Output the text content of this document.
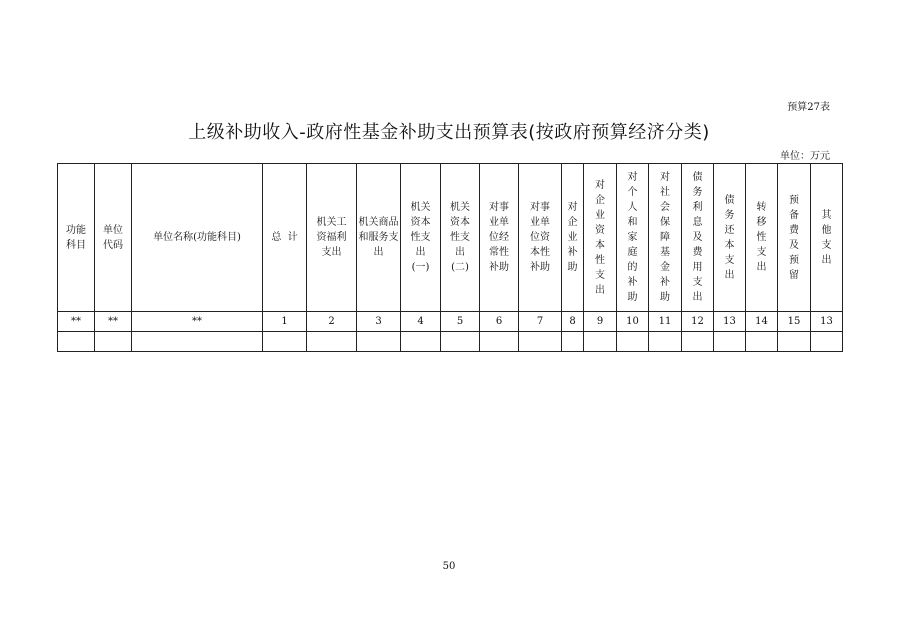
预算27表
上级补助收入-政府性基金补助支出预算表(按政府预算经济分类)
单位：万元
功能科目	单位代码	单位名称(功能科目)	总  计	机关工资福利支出	机关商品和服务支出	机关资本性支出(一)	机关资本性支出(二)	对事业单位经常性补助	对事业单位资本性补助	对企业补助	对企业资本性支出	对个人和家庭的补助	对社会保障基金补助	债务利息及费用支出	债务还本支出	转移性支出	预备费及预留	其他支出
**	**	**	1	2	3	4	5	6	7	8	9	10	11	12	13	14	15	13

50
